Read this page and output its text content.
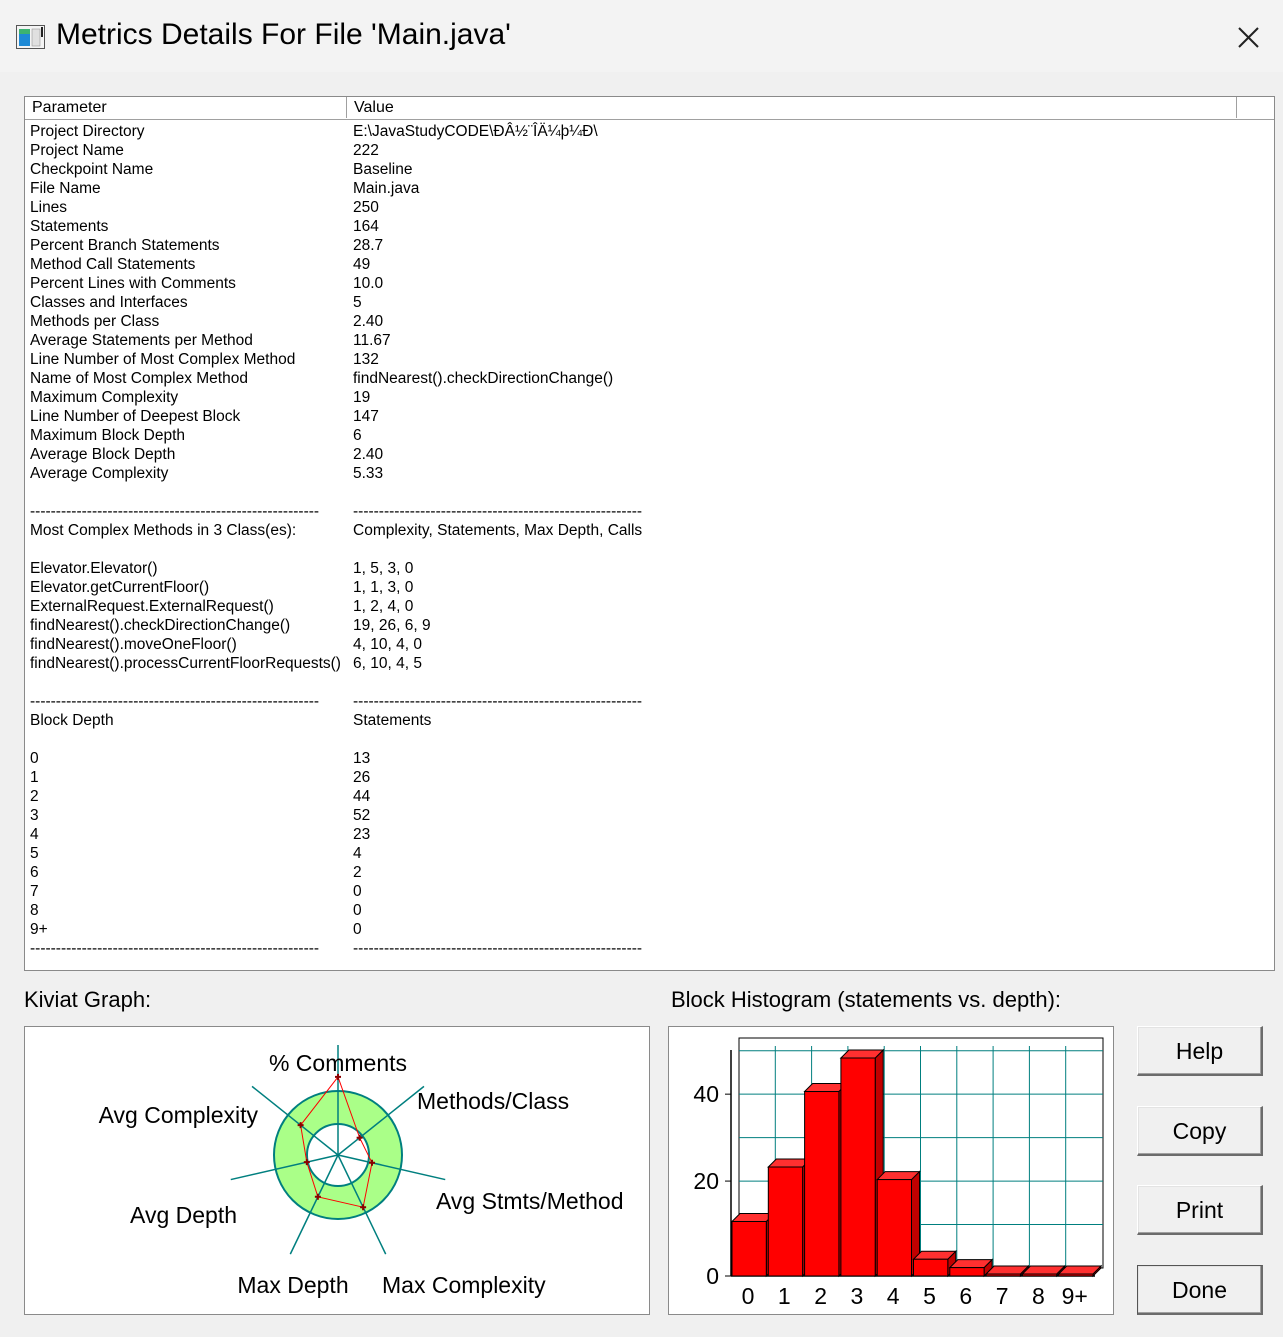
Metrics Details For File 'Main.java'
Parameter	Value
Project Directory	E:\JavaStudyCODE\ÐÂ½¨ÎÄ¼þ¼Ð\
Project Name	222
Checkpoint Name	Baseline
File Name	Main.java
Lines	250
Statements	164
Percent Branch Statements	28.7
Method Call Statements	49
Percent Lines with Comments	10.0
Classes and Interfaces	5
Methods per Class	2.40
Average Statements per Method	11.67
Line Number of Most Complex Method	132
Name of Most Complex Method	findNearest().checkDirectionChange()
Maximum Complexity	19
Line Number of Deepest Block	147
Maximum Block Depth	6
Average Block Depth	2.40
Average Complexity	5.33
-------------------------------------------------------- --------------------------------------------------------
Most Complex Methods in 3 Class(es):	Complexity, Statements, Max Depth, Calls
Elevator.Elevator()	1, 5, 3, 0
Elevator.getCurrentFloor()	1, 1, 3, 0
ExternalRequest.ExternalRequest()	1, 2, 4, 0
findNearest().checkDirectionChange()	19, 26, 6, 9
findNearest().moveOneFloor()	4, 10, 4, 0
findNearest().processCurrentFloorRequests() 6, 10, 4, 5
-------------------------------------------------------- --------------------------------------------------------
Block Depth	Statements
0	13
1	26
2	44
3	52
4	23
5	4
6	2
7	0
8	0
9+	0
-------------------------------------------------------- --------------------------------------------------------
Kiviat Graph:
% Comments
Methods/Class
Avg Stmts/Method
Max Complexity
Max Depth
Avg Depth
Avg Complexity
Block Histogram (statements vs. depth):
0 1 2 3 4 5 6 7 8 9+
0
20
40
Help
Copy
Print
Done
